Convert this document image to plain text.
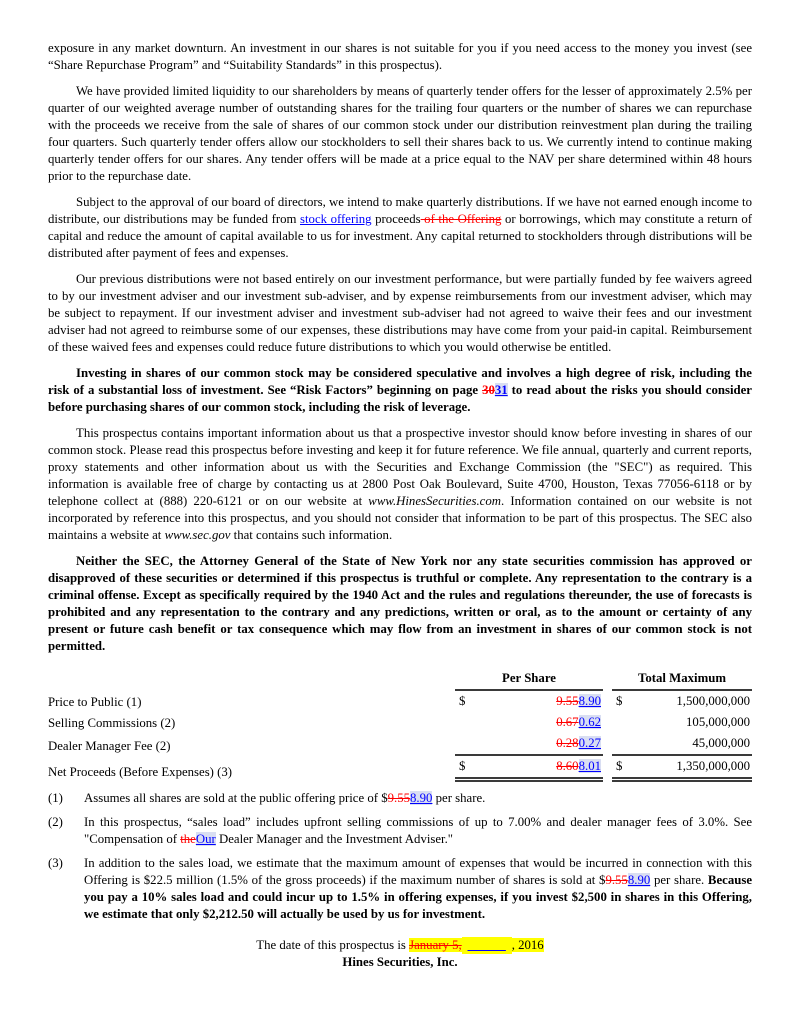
exposure in any market downturn. An investment in our shares is not suitable for you if you need access to the money you invest (see “Share Repurchase Program” and “Suitability Standards” in this prospectus).

We have provided limited liquidity to our shareholders by means of quarterly tender offers for the lesser of approximately 2.5% per quarter of our weighted average number of outstanding shares for the trailing four quarters or the number of shares we can repurchase with the proceeds we receive from the sale of shares of our common stock under our distribution reinvestment plan during the trailing four quarters. Such quarterly tender offers allow our stockholders to sell their shares back to us. We currently intend to continue making quarterly tender offers for our shares. Any tender offers will be made at a price equal to the NAV per share determined within 48 hours prior to the repurchase date.

Subject to the approval of our board of directors, we intend to make quarterly distributions. If we have not earned enough income to distribute, our distributions may be funded from stock offering proceeds of the Offering or borrowings, which may constitute a return of capital and reduce the amount of capital available to us for investment. Any capital returned to stockholders through distributions will be distributed after payment of fees and expenses.

Our previous distributions were not based entirely on our investment performance, but were partially funded by fee waivers agreed to by our investment adviser and our investment sub-adviser, and by expense reimbursements from our investment adviser, which may be subject to repayment. If our investment adviser and investment sub-adviser had not agreed to waive their fees and our investment adviser had not agreed to reimburse some of our expenses, these distributions may have come from your paid-in capital. Reimbursement of these waived fees and expenses could reduce future distributions to which you would otherwise be entitled.

Investing in shares of our common stock may be considered speculative and involves a high degree of risk, including the risk of a substantial loss of investment. See “Risk Factors” beginning on page 3031 to read about the risks you should consider before purchasing shares of our common stock, including the risk of leverage.

This prospectus contains important information about us that a prospective investor should know before investing in shares of our common stock. Please read this prospectus before investing and keep it for future reference. We file annual, quarterly and current reports, proxy statements and other information about us with the Securities and Exchange Commission (the "SEC") as required. This information is available free of charge by contacting us at 2800 Post Oak Boulevard, Suite 4700, Houston, Texas 77056-6118 or by telephone collect at (888) 220-6121 or on our website at www.HinesSecurities.com. Information contained on our website is not incorporated by reference into this prospectus, and you should not consider that information to be part of this prospectus. The SEC also maintains a website at www.sec.gov that contains such information.

Neither the SEC, the Attorney General of the State of New York nor any state securities commission has approved or disapproved of these securities or determined if this prospectus is truthful or complete. Any representation to the contrary is a criminal offense. Except as specifically required by the 1940 Act and the rules and regulations thereunder, the use of forecasts is prohibited and any representation to the contrary and any predictions, written or oral, as to the amount or certainty of any present or future cash benefit or tax consequence which may flow from an investment in shares of our common stock is not permitted.

Per Share	Total Maximum
Price to Public (1)	$	9.558.90 $	1,500,000,000
Selling Commissions (2)	0.670.62	105,000,000
Dealer Manager Fee (2)	0.280.27	45,000,000
Net Proceeds (Before Expenses) (3)	$	8.608.01 $	1,350,000,000
(1)	Assumes all shares are sold at the public offering price of $9.558.90 per share.
(2)	In this prospectus, “sales load” includes upfront selling commissions of up to 7.00% and dealer manager fees of 3.0%. See "Compensation of theOur Dealer Manager and the Investment Adviser."
(3)	In addition to the sales load, we estimate that the maximum amount of expenses that would be incurred in connection with this Offering is $22.5 million (1.5% of the gross proceeds) if the maximum number of shares is sold at $9.558.90 per share. Because you pay a 10% sales load and could incur up to 1.5% in offering expenses, if you invest $2,500 in shares in this Offering, we estimate that only $2,212.50 will actually be used by us for investment.
The date of this prospectus is January 5,	, 2016
Hines Securities, Inc.
